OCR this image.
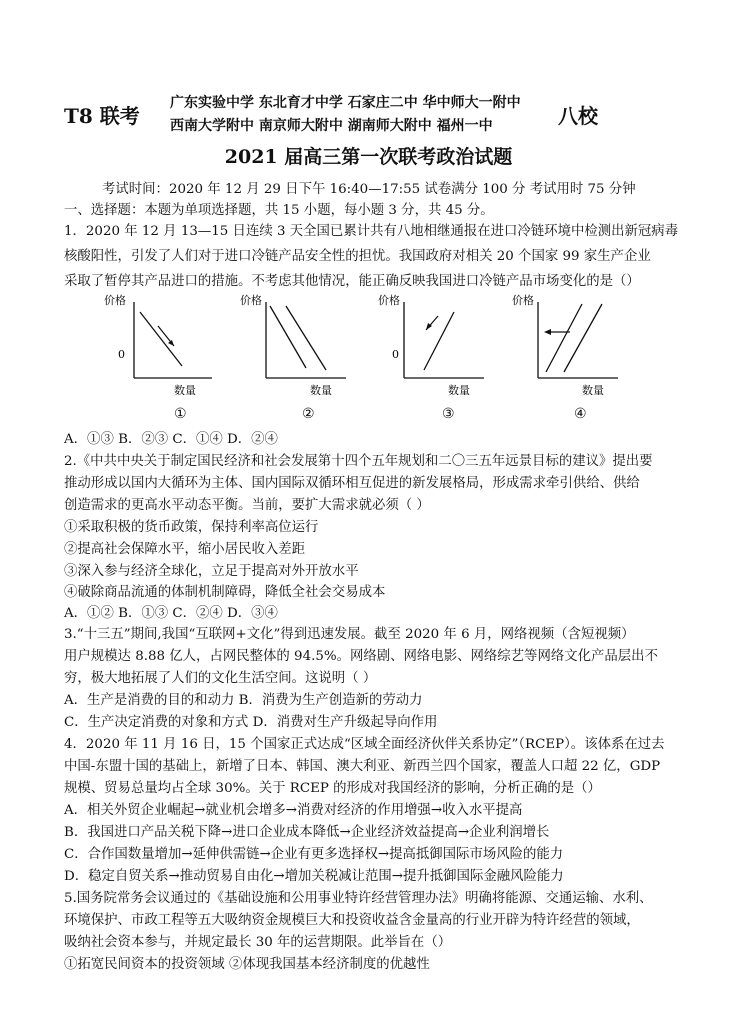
T8 联考
广东实验中学 东北育才中学 石家庄二中 华中师大一附中
西南大学附中 南京师大附中 湖南师大附中 福州一中	八校
2021 届高三第一次联考政治试题
考试时间：2020 年 12 月 29 日下午 16:40—17:55 试卷满分 100 分 考试用时 75 分钟
一、选择题：本题为单项选择题，共 15 小题，每小题 3 分，共 45 分。
1．2020 年 12 月 13—15 日连续 3 天全国已累计共有八地相继通报在进口冷链环境中检测出新冠病毒
核酸阳性，引发了人们对于进口冷链产品安全性的担忧。我国政府对相关 20 个国家 99 家生产企业
采取了暂停其产品进口的措施。不考虑其他情况，能正确反映我国进口冷链产品市场变化的是（）
价格
0
数量
价格
数量
价格
0
数量
价格
数量
①	②	③	④
A．①③ B．②③ C．①④ D．②④
2.《中共中央关于制定国民经济和社会发展第十四个五年规划和二〇三五年远景目标的建议》提出要
推动形成以国内大循环为主体、国内国际双循环相互促进的新发展格局，形成需求牵引供给、供给
创造需求的更高水平动态平衡。当前，要扩大需求就必须（ ）
①采取积极的货币政策，保持利率高位运行
②提高社会保障水平，缩小居民收入差距
③深入参与经济全球化，立足于提高对外开放水平
④破除商品流通的体制机制障碍，降低全社会交易成本
A．①② B．①③ C．②④ D．③④
3.“十三五”期间,我国“互联网+文化”得到迅速发展。截至 2020 年 6 月，网络视频（含短视频）
用户规模达 8.88 亿人，占网民整体的 94.5%。网络剧、网络电影、网络综艺等网络文化产品层出不
穷，极大地拓展了人们的文化生活空间。这说明（ ）
A．生产是消费的目的和动力 B．消费为生产创造新的劳动力
C．生产决定消费的对象和方式 D．消费对生产升级起导向作用
4．2020 年 11 月 16 日，15 个国家正式达成“区域全面经济伙伴关系协定”（RCEP）。该体系在过去
中国-东盟十国的基础上，新增了日本、韩国、澳大利亚、新西兰四个国家，覆盖人口超 22 亿，GDP
规模、贸易总量均占全球 30%。关于 RCEP 的形成对我国经济的影响，分析正确的是（）
A．相关外贸企业崛起→就业机会增多→消费对经济的作用增强→收入水平提高
B．我国进口产品关税下降→进口企业成本降低→企业经济效益提高→企业利润增长
C．合作国数量增加→延伸供需链→企业有更多选择权→提高抵御国际市场风险的能力
D．稳定自贸关系→推动贸易自由化→增加关税减让范围→提升抵御国际金融风险能力
5.国务院常务会议通过的《基础设施和公用事业特许经营管理办法》明确将能源、交通运输、水利、
环境保护、市政工程等五大吸纳资金规模巨大和投资收益含金量高的行业开辟为特许经营的领域，
吸纳社会资本参与，并规定最长 30 年的运营期限。此举旨在（）
①拓宽民间资本的投资领域 ②体现我国基本经济制度的优越性
